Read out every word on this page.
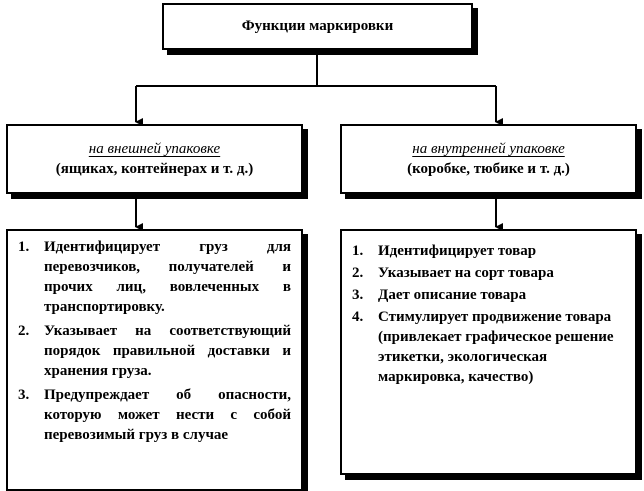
Функции маркировки
на внешней упаковке
(ящиках, контейнерах и т. д.)
на внутренней упаковке
(коробке, тюбике и т. д.)
1. Идентифицирует груз для перевозчиков, получателей и прочих лиц, вовлеченных в транспортировку.
2. Указывает на соответствующий порядок правильной доставки и хранения груза.
3. Предупреждает об опасности, которую может нести с собой перевозимый груз в случае
1. Идентифицирует товар
2. Указывает на сорт товара
3. Дает описание товара
4. Стимулирует продвижение товара (привлекает графическое решение этикетки, экологическая маркировка, качество)
